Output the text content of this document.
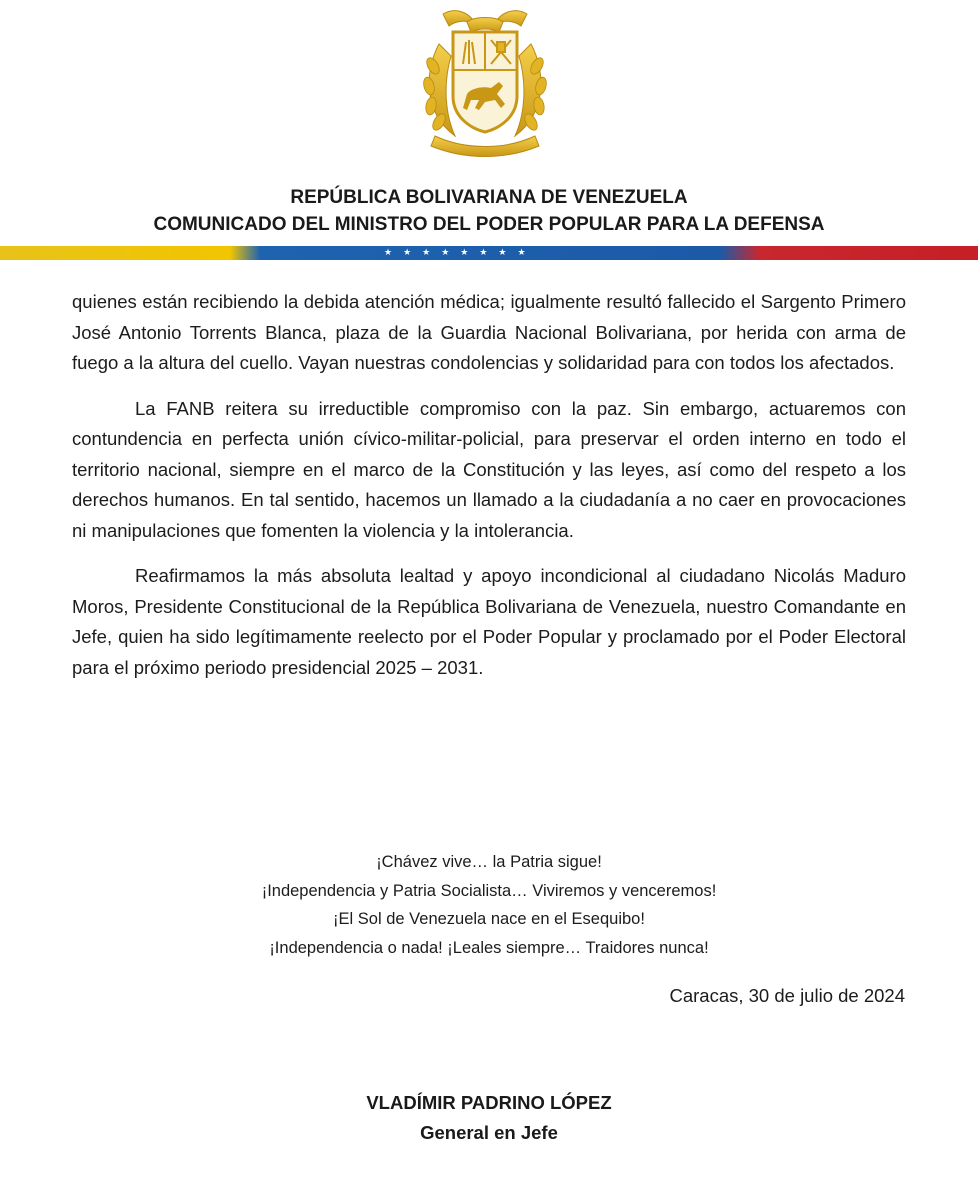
REPÚBLICA BOLIVARIANA DE VENEZUELA
COMUNICADO DEL MINISTRO DEL PODER POPULAR PARA LA DEFENSA
★★★★★★★★

quienes están recibiendo la debida atención médica; igualmente resultó fallecido el Sargento Primero José Antonio Torrents Blanca, plaza de la Guardia Nacional Bolivariana, por herida con arma de fuego a la altura del cuello. Vayan nuestras condolencias y solidaridad para con todos los afectados.

La FANB reitera su irreductible compromiso con la paz. Sin embargo, actuaremos con contundencia en perfecta unión cívico-militar-policial, para preservar el orden interno en todo el territorio nacional, siempre en el marco de la Constitución y las leyes, así como del respeto a los derechos humanos. En tal sentido, hacemos un llamado a la ciudadanía a no caer en provocaciones ni manipulaciones que fomenten la violencia y la intolerancia.

Reafirmamos la más absoluta lealtad y apoyo incondicional al ciudadano Nicolás Maduro Moros, Presidente Constitucional de la República Bolivariana de Venezuela, nuestro Comandante en Jefe, quien ha sido legítimamente reelecto por el Poder Popular y proclamado por el Poder Electoral para el próximo periodo presidencial 2025 – 2031.

¡Chávez vive… la Patria sigue!
¡Independencia y Patria Socialista… Viviremos y venceremos!
¡El Sol de Venezuela nace en el Esequibo!
¡Independencia o nada! ¡Leales siempre… Traidores nunca!
Caracas, 30 de julio de 2024
VLADÍMIR PADRINO LÓPEZ
General en Jefe
